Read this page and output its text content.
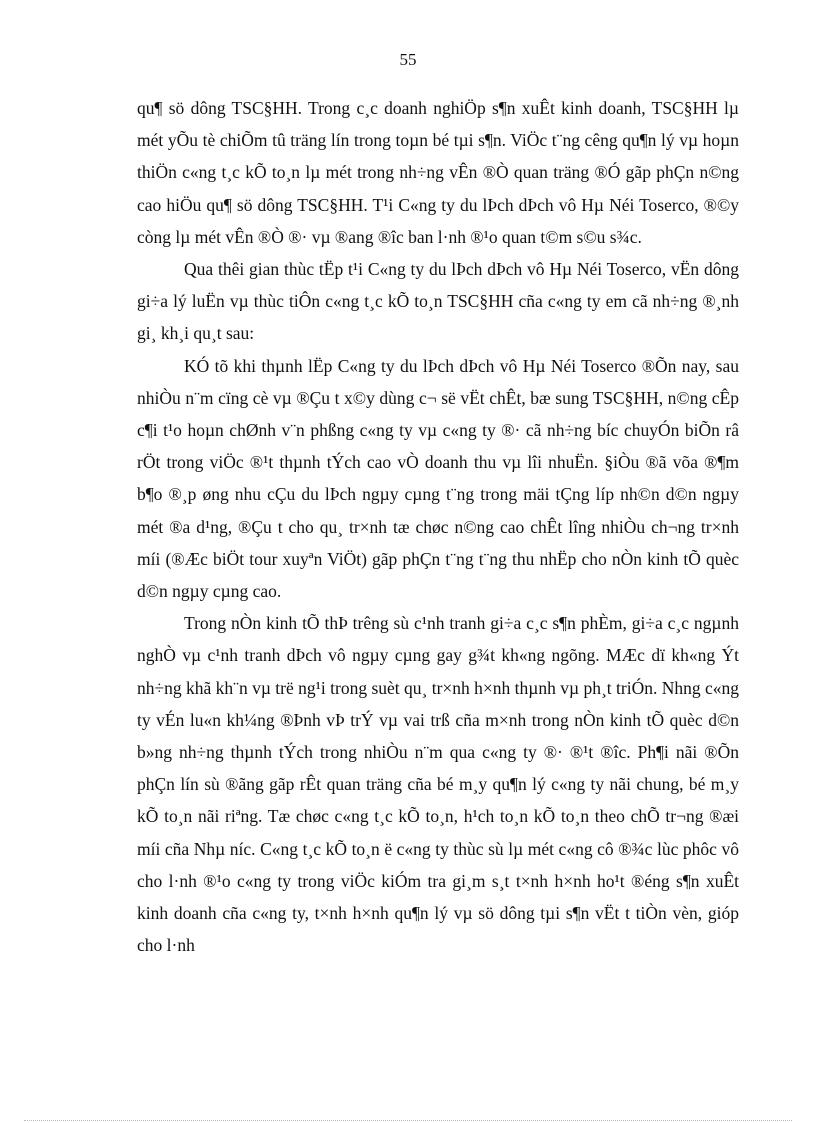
55

qu¶ sö dông TSC§HH. Trong c¸c doanh nghiÖp s¶n xuÊt kinh doanh, TSC§HH lµ mét yÕu tè chiÕm tû träng lín trong toµn bé tµi s¶n. ViÖc t¨ng cêng qu¶n lý vµ hoµn thiÖn c«ng t¸c kÕ to¸n lµ mét trong nh÷ng vÊn ®Ò quan träng ®Ó gãp phÇn n©ng cao hiÖu qu¶ sö dông TSC§HH. T¹i C«ng ty du lÞch dÞch vô Hµ Néi Toserco, ®©y còng lµ mét vÊn ®Ò ®· vµ ®ang ®îc ban l·nh ®¹o quan t©m s©u s¾c.

Qua thêi gian thùc tËp t¹i C«ng ty du lÞch dÞch vô Hµ Néi Toserco, vËn dông gi÷a lý luËn vµ thùc tiÔn c«ng t¸c kÕ to¸n TSC§HH cña c«ng ty em cã nh÷ng ®¸nh gi¸ kh¸i qu¸t sau:

KÓ tõ khi thµnh lËp C«ng ty du lÞch dÞch vô Hµ Néi Toserco ®Õn nay, sau nhiÒu n¨m cïng cè vµ ®Çu t x©y dùng c¬ së vËt chÊt, bæ sung TSC§HH, n©ng cÊp c¶i t¹o hoµn chØnh v¨n phßng c«ng ty vµ c«ng ty ®· cã nh÷ng bíc chuyÓn biÕn râ rÖt trong viÖc ®¹t thµnh tÝch cao vÒ doanh thu vµ lîi nhuËn. §iÒu ®ã võa ®¶m b¶o ®¸p øng nhu cÇu du lÞch ngµy cµng t¨ng trong mäi tÇng líp nh©n d©n ngµy mét ®a d¹ng, ®Çu t cho qu¸ tr×nh tæ chøc n©ng cao chÊt lîng nhiÒu ch¬ng tr×nh míi (®Æc biÖt tour xuyªn ViÖt) gãp phÇn t¨ng t¨ng thu nhËp cho nÒn kinh tÕ quèc d©n ngµy cµng cao.

Trong nÒn kinh tÕ thÞ trêng sù c¹nh tranh gi÷a c¸c s¶n phÈm, gi÷a c¸c ngµnh nghÒ vµ c¹nh tranh dÞch vô ngµy cµng gay g¾t kh«ng ngõng. MÆc dï kh«ng Ýt nh÷ng khã kh¨n vµ trë ng¹i trong suèt qu¸ tr×nh h×nh thµnh vµ ph¸t triÓn. Nhng c«ng ty vÉn lu«n kh¼ng ®Þnh vÞ trÝ vµ vai trß cña m×nh trong nÒn kinh tÕ quèc d©n b»ng nh÷ng thµnh tÝch trong nhiÒu n¨m qua c«ng ty ®· ®¹t ®îc. Ph¶i nãi ®Õn phÇn lín sù ®ãng gãp rÊt quan träng cña bé m¸y qu¶n lý c«ng ty nãi chung, bé m¸y kÕ to¸n nãi riªng. Tæ chøc c«ng t¸c kÕ to¸n, h¹ch to¸n kÕ to¸n theo chÕ tr¬ng ®æi míi cña Nhµ níc. C«ng t¸c kÕ to¸n ë c«ng ty thùc sù lµ mét c«ng cô ®¾c lùc phôc vô cho l·nh ®¹o c«ng ty trong viÖc kiÓm tra gi¸m s¸t t×nh h×nh ho¹t ®éng s¶n xuÊt kinh doanh cña c«ng ty, t×nh h×nh qu¶n lý vµ sö dông tµi s¶n vËt t tiÒn vèn, gióp cho l·nh
